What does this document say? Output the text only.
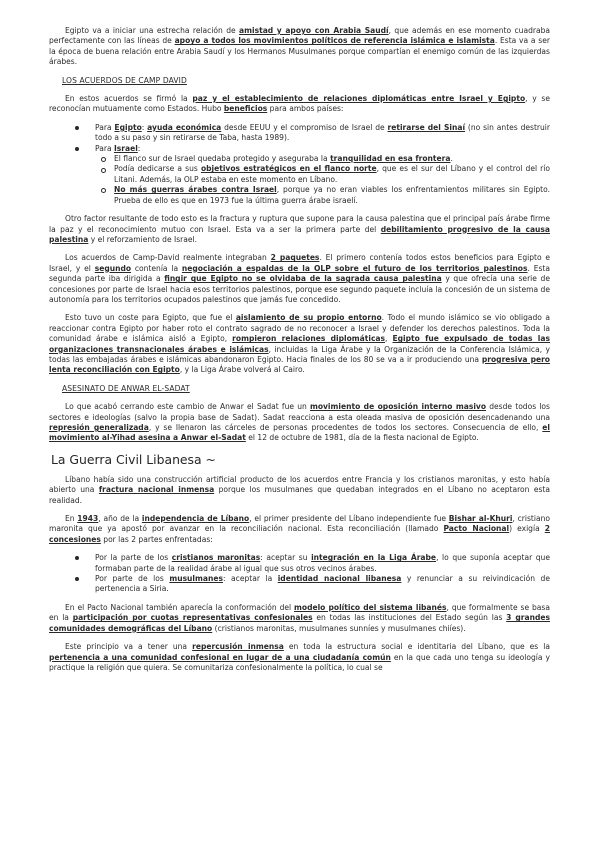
Egipto va a iniciar una estrecha relación de amistad y apoyo con Arabia Saudí, que además en ese momento cuadraba perfectamente con las líneas de apoyo a todos los movimientos políticos de referencia islámica e islamista. Esta va a ser la época de buena relación entre Arabia Saudí y los Hermanos Musulmanes porque compartían el enemigo común de las izquierdas árabes.

LOS ACUERDOS DE CAMP DAVID

En estos acuerdos se firmó la paz y el establecimiento de relaciones diplomáticas entre Israel y Egipto, y se reconocían mutuamente como Estados. Hubo beneficios para ambos países:

Para Egipto: ayuda económica desde EEUU y el compromiso de Israel de retirarse del Sinaí (no sin antes destruir todo a su paso y sin retirarse de Taba, hasta 1989).
Para Israel:
El flanco sur de Israel quedaba protegido y aseguraba la tranquilidad en esa frontera.
Podía dedicarse a sus objetivos estratégicos en el flanco norte, que es el sur del Líbano y el control del río Litani. Además, la OLP estaba en este momento en Líbano.
No más guerras árabes contra Israel, porque ya no eran viables los enfrentamientos militares sin Egipto. Prueba de ello es que en 1973 fue la última guerra árabe israelí.

Otro factor resultante de todo esto es la fractura y ruptura que supone para la causa palestina que el principal país árabe firme la paz y el reconocimiento mutuo con Israel. Esta va a ser la primera parte del debilitamiento progresivo de la causa palestina y el reforzamiento de Israel.

Los acuerdos de Camp-David realmente integraban 2 paquetes. El primero contenía todos estos beneficios para Egipto e Israel, y el segundo contenía la negociación a espaldas de la OLP sobre el futuro de los territorios palestinos. Esta segunda parte iba dirigida a fingir que Egipto no se olvidaba de la sagrada causa palestina y que ofrecía una serie de concesiones por parte de Israel hacia esos territorios palestinos, porque ese segundo paquete incluía la concesión de un sistema de autonomía para los territorios ocupados palestinos que jamás fue concedido.

Esto tuvo un coste para Egipto, que fue el aislamiento de su propio entorno. Todo el mundo islámico se vio obligado a reaccionar contra Egipto por haber roto el contrato sagrado de no reconocer a Israel y defender los derechos palestinos. Toda la comunidad árabe e islámica aisló a Egipto, rompieron relaciones diplomáticas, Egipto fue expulsado de todas las organizaciones transnacionales árabes e islámicas, incluidas la Liga Árabe y la Organización de la Conferencia Islámica, y todas las embajadas árabes e islámicas abandonaron Egipto. Hacia finales de los 80 se va a ir produciendo una progresiva pero lenta reconciliación con Egipto, y la Liga Árabe volverá al Cairo.

ASESINATO DE ANWAR EL-SADAT

Lo que acabó cerrando este cambio de Anwar el Sadat fue un movimiento de oposición interno masivo desde todos los sectores e ideologías (salvo la propia base de Sadat). Sadat reacciona a esta oleada masiva de oposición desencadenando una represión generalizada, y se llenaron las cárceles de personas procedentes de todos los sectores. Consecuencia de ello, el movimiento al-Yihad asesina a Anwar el-Sadat el 12 de octubre de 1981, día de la fiesta nacional de Egipto.

La Guerra Civil Libanesa ~

Líbano había sido una construcción artificial producto de los acuerdos entre Francia y los cristianos maronitas, y esto había abierto una fractura nacional inmensa porque los musulmanes que quedaban integrados en el Líbano no aceptaron esta realidad.

En 1943, año de la independencia de Líbano, el primer presidente del Líbano independiente fue Bishar al-Khuri, cristiano maronita que ya apostó por avanzar en la reconciliación nacional. Esta reconciliación (llamado Pacto Nacional) exigía 2 concesiones por las 2 partes enfrentadas:

Por la parte de los cristianos maronitas: aceptar su integración en la Liga Árabe, lo que suponía aceptar que formaban parte de la realidad árabe al igual que sus otros vecinos árabes.
Por parte de los musulmanes: aceptar la identidad nacional libanesa y renunciar a su reivindicación de pertenencia a Siria.

En el Pacto Nacional también aparecía la conformación del modelo político del sistema libanés, que formalmente se basa en la participación por cuotas representativas confesionales en todas las instituciones del Estado según las 3 grandes comunidades demográficas del Líbano (cristianos maronitas, musulmanes sunníes y musulmanes chiíes).

Este principio va a tener una repercusión inmensa en toda la estructura social e identitaria del Líbano, que es la pertenencia a una comunidad confesional en lugar de a una ciudadanía común en la que cada uno tenga su ideología y practique la religión que quiera. Se comunitariza confesionalmente la política, lo cual se
